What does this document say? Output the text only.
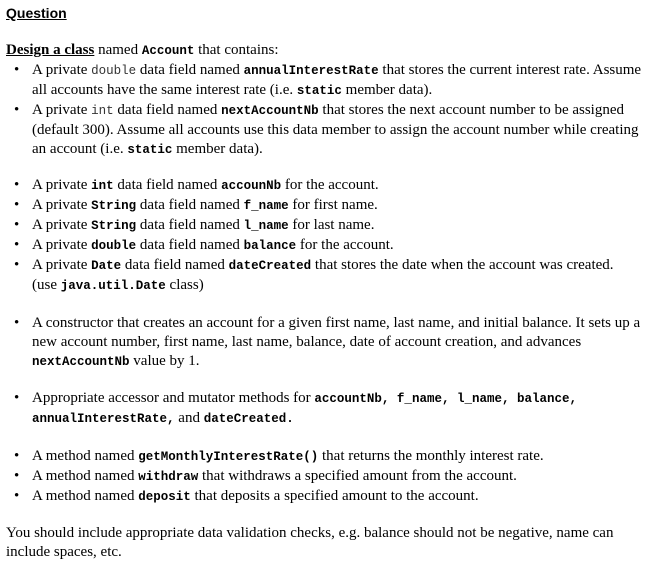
Question
Design a class named Account that contains:
• A private double data field named annualInterestRate that stores the current interest rate. Assume all accounts have the same interest rate (i.e. static member data).
• A private int data field named nextAccountNb that stores the next account number to be assigned (default 300). Assume all accounts use this data member to assign the account number while creating an account (i.e. static member data).
• A private int data field named accounNb for the account.
• A private String data field named f_name for first name.
• A private String data field named l_name for last name.
• A private double data field named balance for the account.
• A private Date data field named dateCreated that stores the date when the account was created. (use java.util.Date class)
• A constructor that creates an account for a given first name, last name, and initial balance. It sets up a new account number, first name, last name, balance, date of account creation, and advances nextAccountNb value by 1.
• Appropriate accessor and mutator methods for accountNb, f_name, l_name, balance, annualInterestRate, and dateCreated.
• A method named getMonthlyInterestRate() that returns the monthly interest rate.
• A method named withdraw that withdraws a specified amount from the account.
• A method named deposit that deposits a specified amount to the account.
You should include appropriate data validation checks, e.g. balance should not be negative, name can include spaces, etc.
